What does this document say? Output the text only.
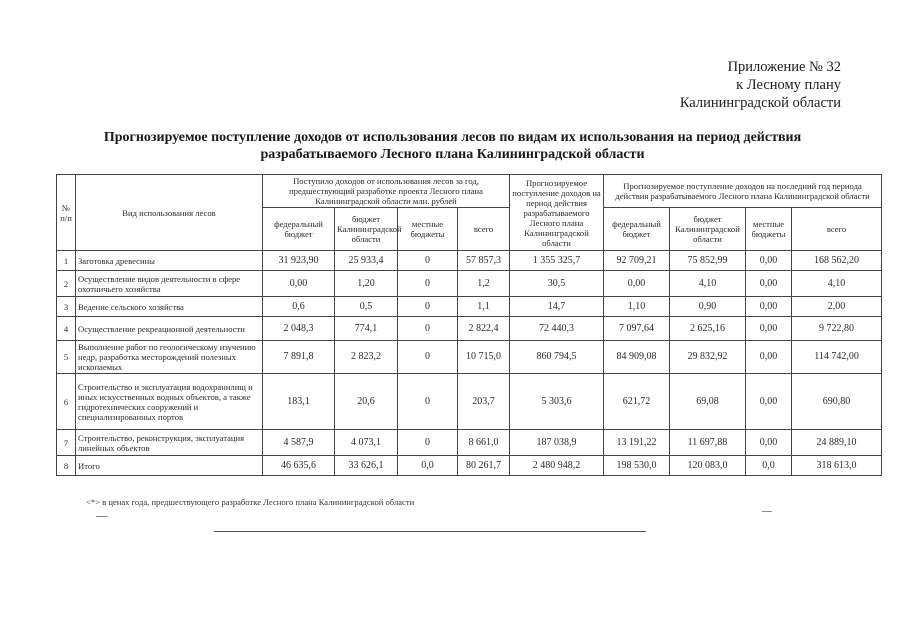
Приложение № 32
к Лесному плану
Калининградской области
Прогнозируемое поступление доходов от использования лесов по видам их использования на период действия
разрабатываемого Лесного плана Калининградской области
№ п/п	Вид использования лесов	Поступило доходов от использования лесов за год, предшествующий разработке проекта Лесного плана Калининградской области млн. рублей				Прогнозируемое поступление доходов на период действия разрабатываемого Лесного плана Калининградской области	Прогнозируемое поступление доходов на последний год периода действия разрабатываемого Лесного плана Калининградской области			
		федеральный бюджет	бюджет Калининградской области	местные бюджеты	всего		федеральный бюджет	бюджет Калининградской области	местные бюджеты	всего
1	Заготовка древесины	31 923,90	25 933,4	0	57 857,3	1 355 325,7	92 709,21	75 852,99	0,00	168 562,20
2	Осуществление видов деятельности в сфере охотничьего хозяйства	0,00	1,20	0	1,2	30,5	0,00	4,10	0,00	4,10
3	Ведение сельского хозяйства	0,6	0,5	0	1,1	14,7	1,10	0,90	0,00	2,00
4	Осуществление рекреационной деятельности	2 048,3	774,1	0	2 822,4	72 440,3	7 097,64	2 625,16	0,00	9 722,80
5	Выполнение работ по геологическому изучению недр, разработка месторождений полезных ископаемых	7 891,8	2 823,2	0	10 715,0	860 794,5	84 909,08	29 832,92	0,00	114 742,00
6	Строительство и эксплуатация водохранилищ и иных искусственных водных объектов, а также гидротехнических сооружений и специализированных портов	183,1	20,6	0	203,7	5 303,6	621,72	69,08	0,00	690,80
7	Строительство, реконструкция, эксплуатация линейных объектов	4 587,9	4 073,1	0	8 661,0	187 038,9	13 191,22	11 697,88	0,00	24 889,10
8	Итого	46 635,6	33 626,1	0,0	80 261,7	2 480 948,2	198 530,0	120 083,0	0,0	318 613,0
<*> в ценах года, предшествующего разработке Лесного плана Калининградской области
